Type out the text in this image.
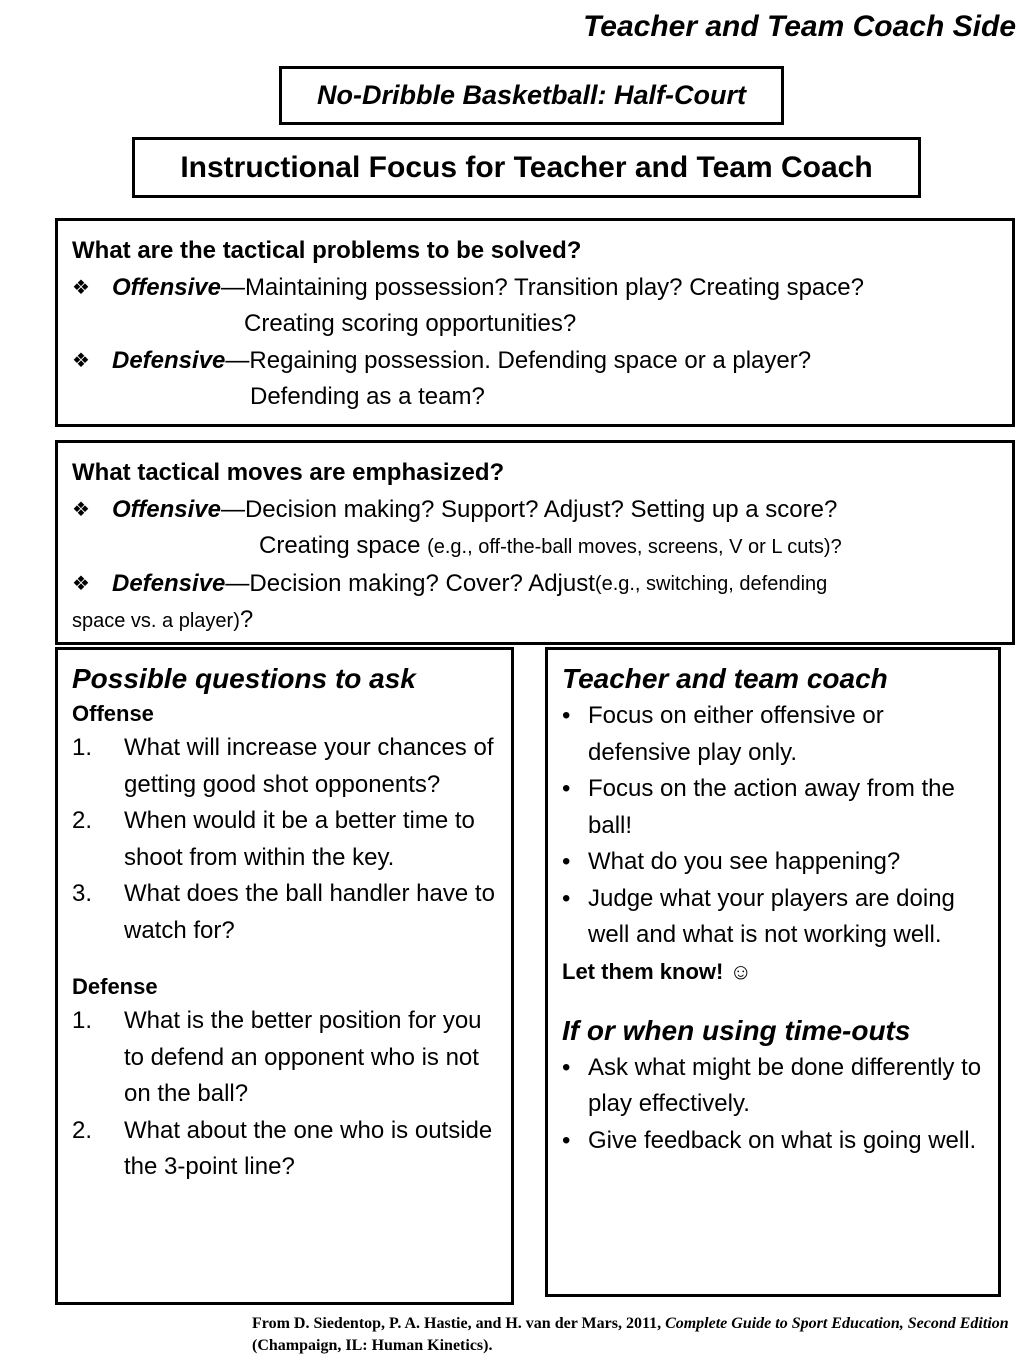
Teacher and Team Coach Side
No-Dribble Basketball: Half-Court
Instructional Focus for Teacher and Team Coach
What are the tactical problems to be solved?
❖ Offensive —Maintaining possession? Transition play? Creating space?
Creating scoring opportunities?
❖ Defensive —Regaining possession. Defending space or a player?
Defending as a team?
What tactical moves are emphasized?
❖ Offensive —Decision making? Support? Adjust? Setting up a score?
Creating space (e.g., off-the-ball moves, screens, V or L cuts)?
❖ Defensive —Decision making? Cover? Adjust (e.g., switching, defending
space vs. a player)?
Possible questions to ask
Offense
1.	What will increase your chances of getting good shot opponents?
2.	When would it be a better time to shoot from within the key.
3.	What does the ball handler have to watch for?
Defense
1.	What is the better position for you to defend an opponent who is not on the ball?
2.	What about the one who is outside the 3-point line?
Teacher and team coach
• Focus on either offensive or defensive play only.
• Focus on the action away from the ball!
• What do you see happening?
• Judge what your players are doing well and what is not working well.
Let them know! ☺
If or when using time-outs
• Ask what might be done differently to play effectively.
• Give feedback on what is going well.
From D. Siedentop, P. A. Hastie, and H. van der Mars, 2011, Complete Guide to Sport Education, Second Edition (Champaign, IL: Human Kinetics).
